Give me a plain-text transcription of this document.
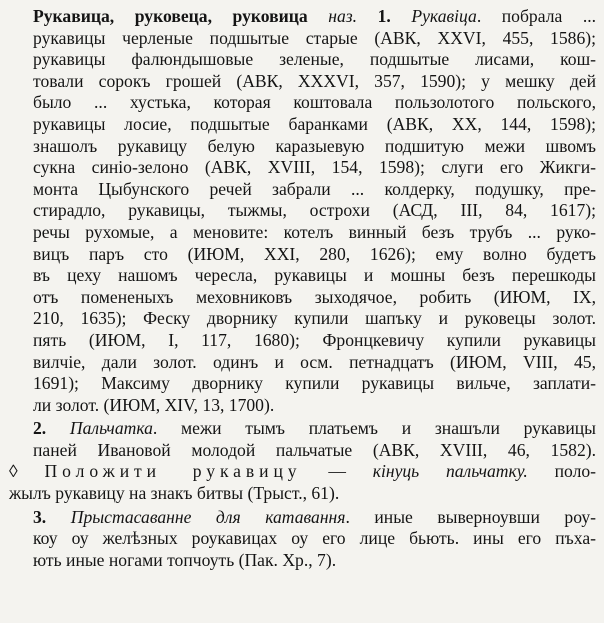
Рукавица, руковеца, руковица наз. 1. Рукавіца. побрала ...
рукавицы черленые подшытые старые (АВК, XXVI, 455, 1586);
рукавицы фалюндышовые зеленые, подшытые лисами, кош-
товали сорокъ грошей (АВК, XXXVI, 357, 1590); у мешку дей
было ... хустька, которая коштовала пользолотого польского,
рукавицы лосие, подшытые баранками (АВК, XX, 144, 1598);
знашолъ рукавицу белую каразыевую подшитую межи швомъ
сукна синіо-зелоно (АВК, XVIII, 154, 1598); слуги его Жикги-
монта Цыбунского речей забрали ... колдерку, подушку, пре-
стирадло, рукавицы, тыжмы, острохи (АСД, III, 84, 1617);
речы рухомые, а меновите: котелъ винный безъ трубъ ... руко-
вицъ паръ сто (ИЮМ, XXI, 280, 1626); ему волно будетъ
въ цеху нашомъ чересла, рукавицы и мошны безъ перешкоды
отъ помененыхъ меховниковъ зыходячое, робить (ИЮМ, IX,
210, 1635); Феску дворнику купили шапъку и руковецы золот.
пять (ИЮМ, I, 117, 1680); Фронцкевичу купили рукавицы
вилчіе, дали золот. одинъ и осм. петнадцатъ (ИЮМ, VIII, 45,
1691); Максиму дворнику купили рукавицы вильче, заплати-
ли золот. (ИЮМ, XIV, 13, 1700).

2. Пальчатка. межи тымъ платьемъ и знашъли рукавицы
паней Ивановой молодой пальчатые (АВК, XVIII, 46, 1582).

◊ Положити рукавицу — кінуць пальчатку. поло-
жылъ рукавицу на знакъ битвы (Трыст., 61).

3. Прыстасаванне для катавання. иные выверноувши роу-
коу оу желѣзных роукавицах оу его лице бьють. ины его пъха-
ють иные ногами топчоуть (Пак. Хр., 7).
